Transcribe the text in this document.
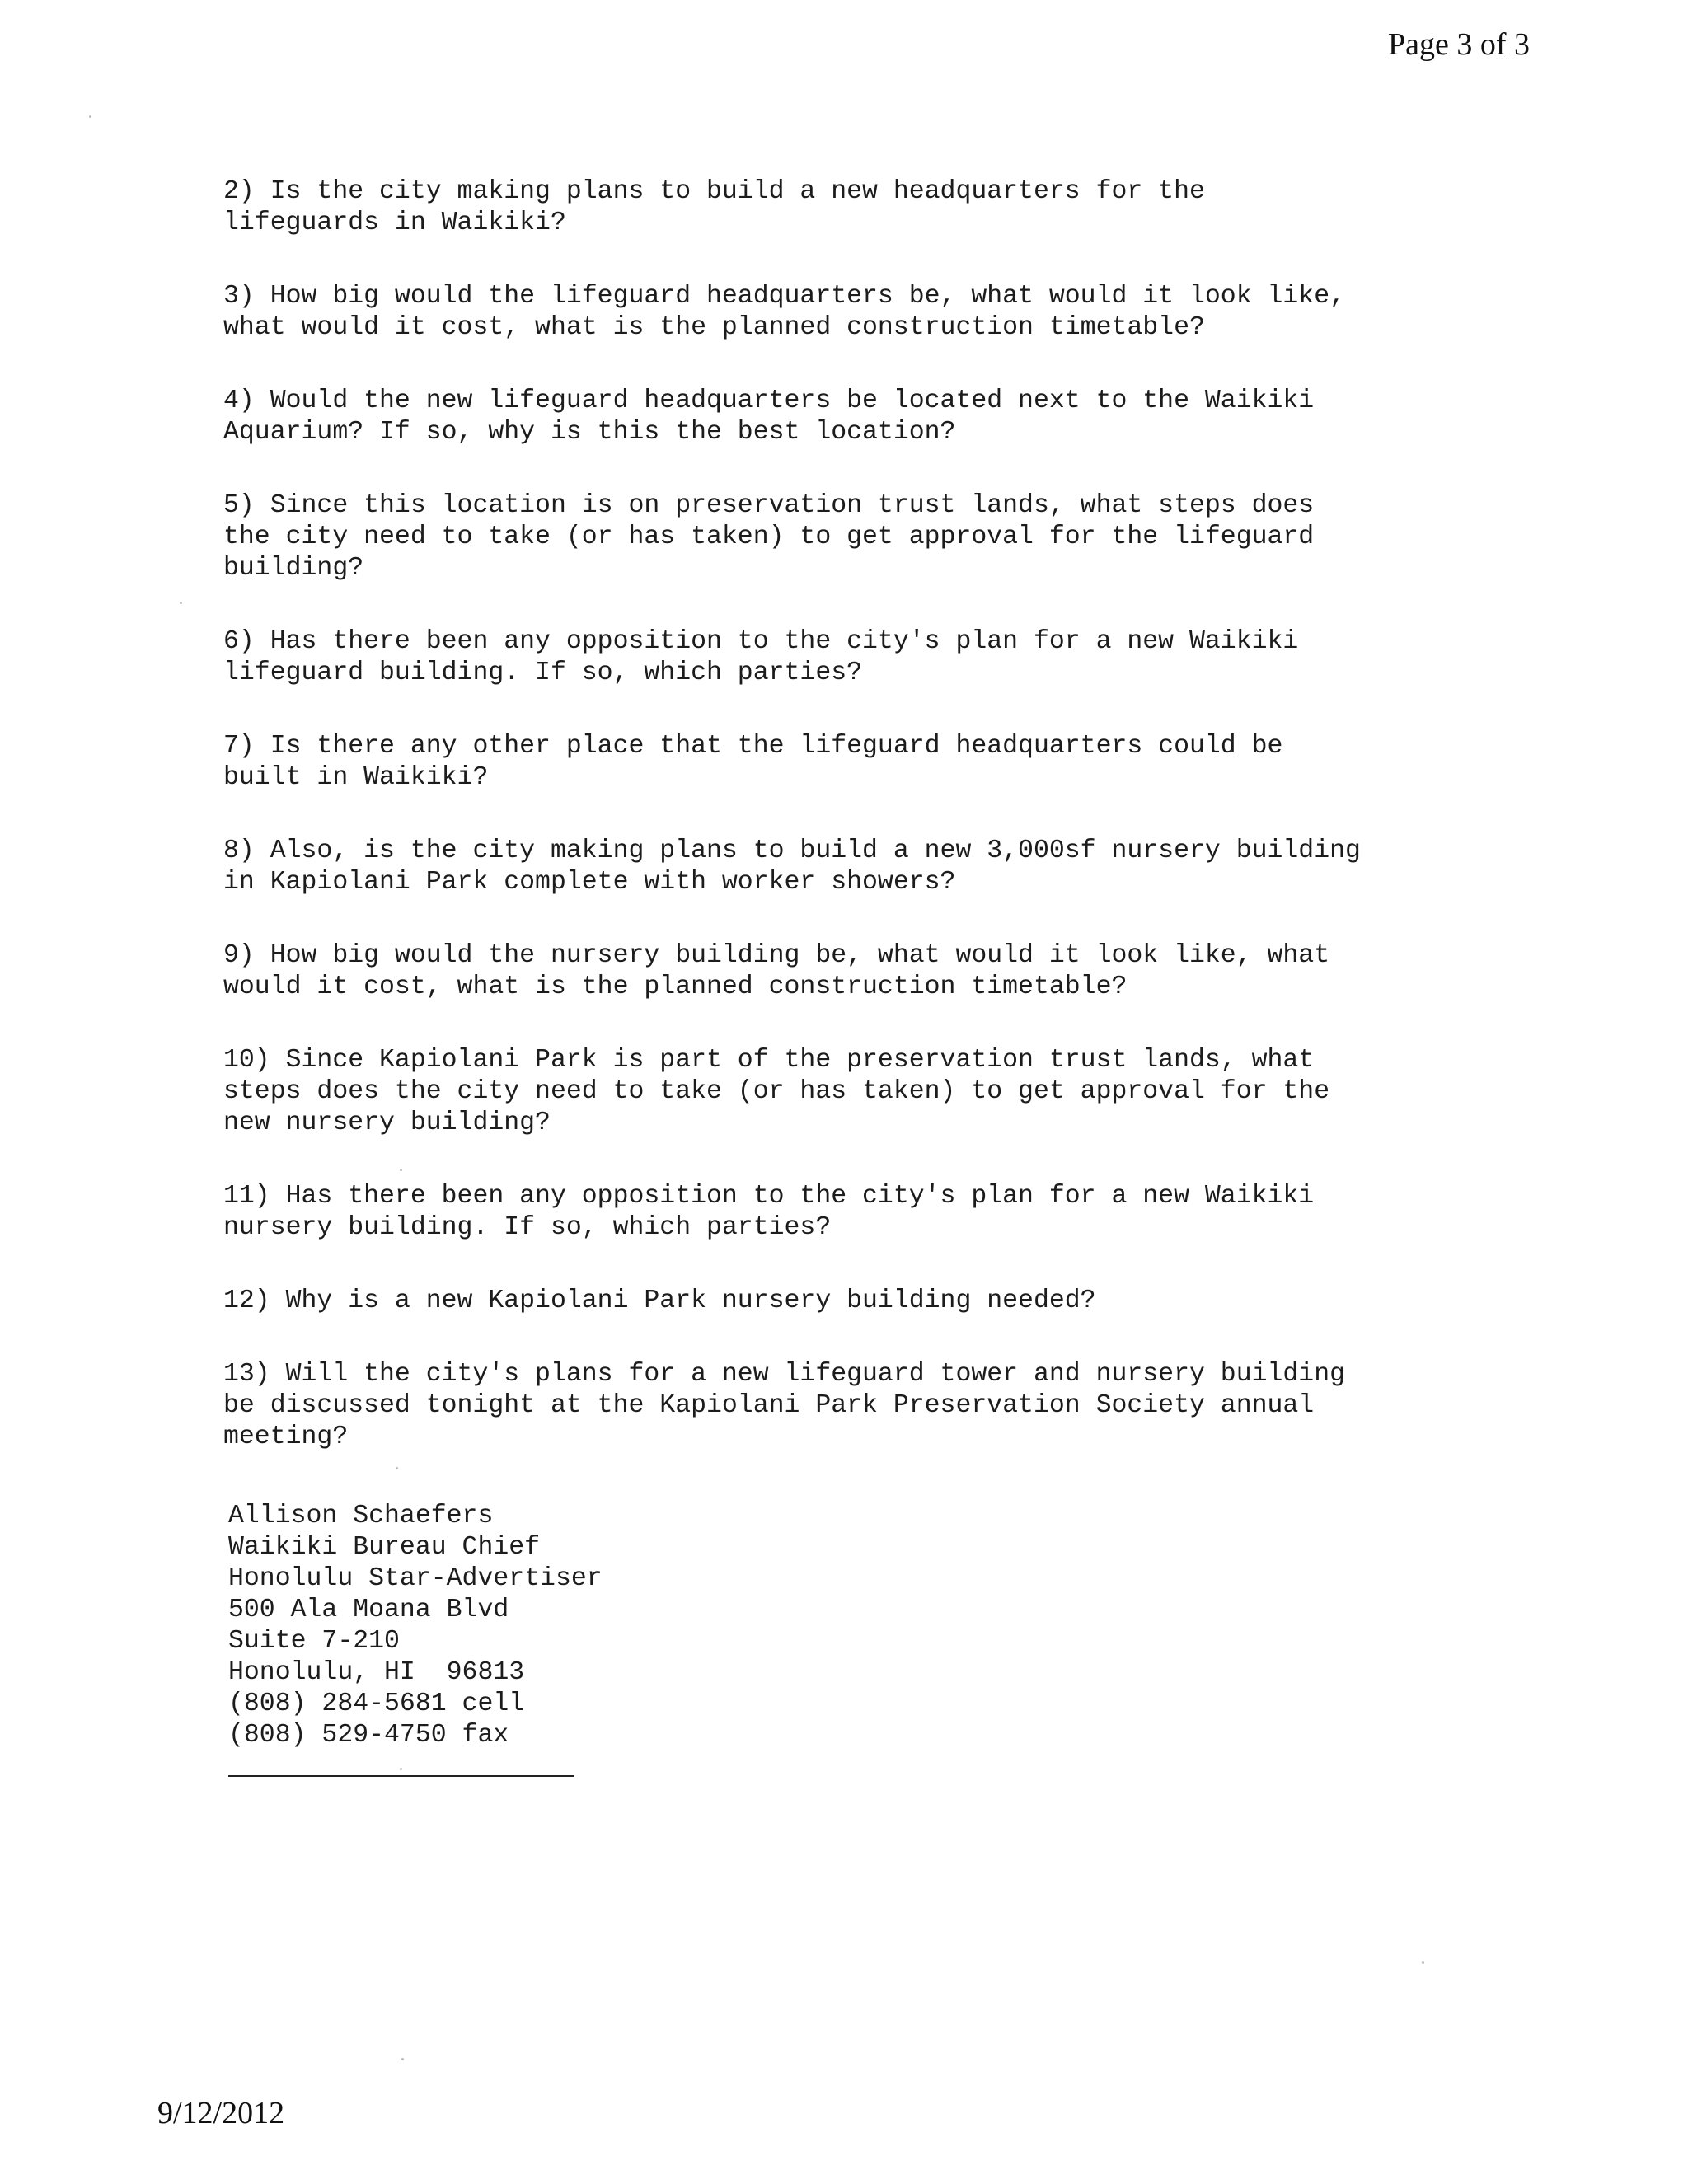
Page 3 of 3

2) Is the city making plans to build a new headquarters for the
lifeguards in Waikiki?

3) How big would the lifeguard headquarters be, what would it look like,
what would it cost, what is the planned construction timetable?

4) Would the new lifeguard headquarters be located next to the Waikiki
Aquarium? If so, why is this the best location?

5) Since this location is on preservation trust lands, what steps does
the city need to take (or has taken) to get approval for the lifeguard
building?

6) Has there been any opposition to the city's plan for a new Waikiki
lifeguard building. If so, which parties?

7) Is there any other place that the lifeguard headquarters could be
built in Waikiki?

8) Also, is the city making plans to build a new 3,000sf nursery building
in Kapiolani Park complete with worker showers?

9) How big would the nursery building be, what would it look like, what
would it cost, what is the planned construction timetable?

10) Since Kapiolani Park is part of the preservation trust lands, what
steps does the city need to take (or has taken) to get approval for the
new nursery building?

11) Has there been any opposition to the city's plan for a new Waikiki
nursery building. If so, which parties?

12) Why is a new Kapiolani Park nursery building needed?

13) Will the city's plans for a new lifeguard tower and nursery building
be discussed tonight at the Kapiolani Park Preservation Society annual
meeting?

Allison Schaefers
Waikiki Bureau Chief
Honolulu Star-Advertiser
500 Ala Moana Blvd
Suite 7-210
Honolulu, HI  96813
(808) 284-5681 cell
(808) 529-4750 fax
9/12/2012
